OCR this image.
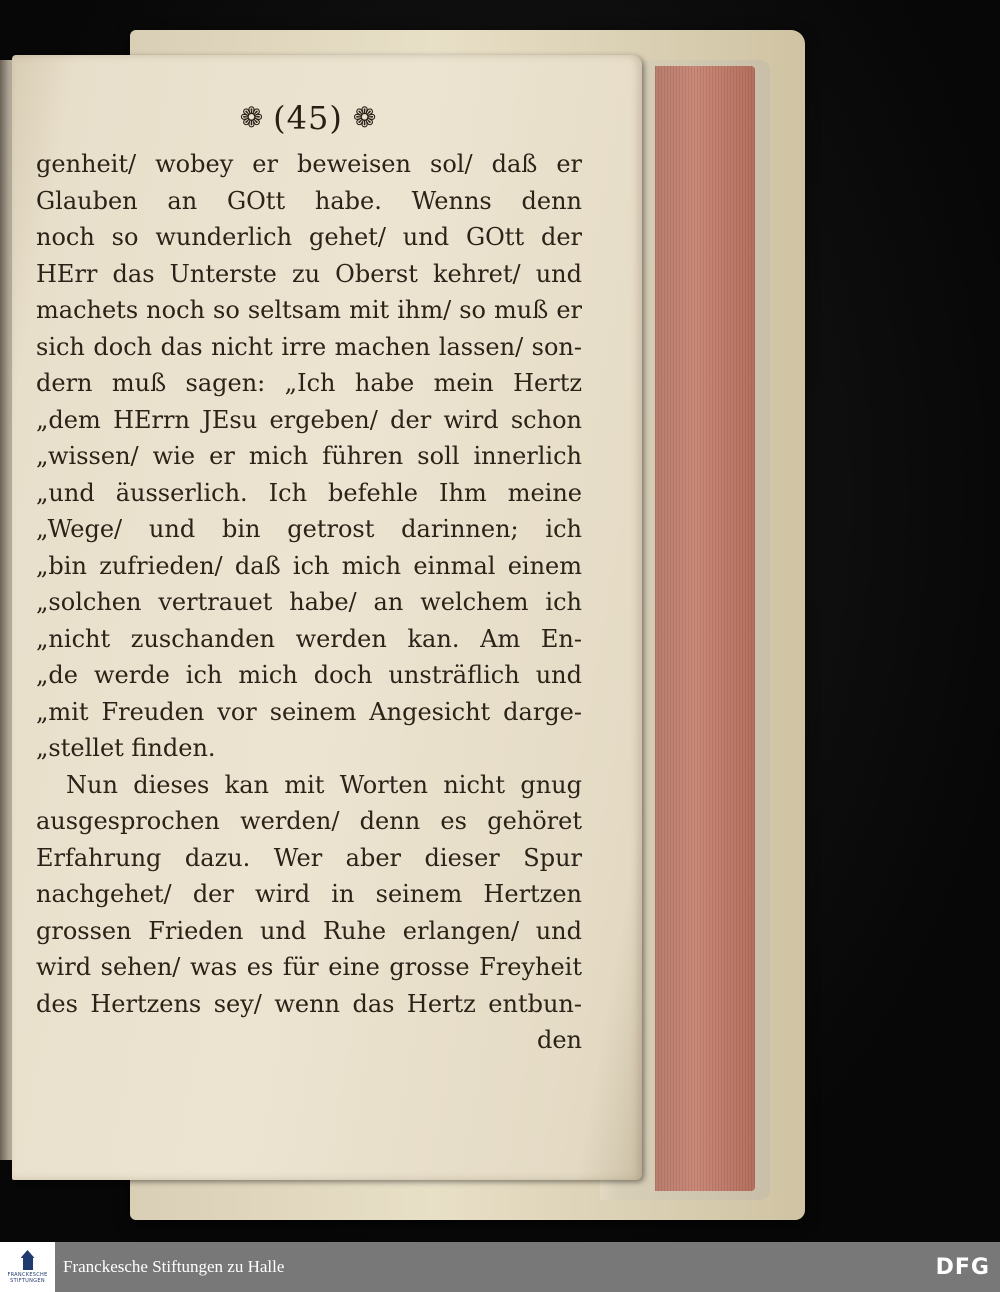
❁ (45) ❁
genheit/ wobey er beweisen sol/ daß er
Glauben an GOtt habe. Wenns denn
noch so wunderlich gehet/ und GOtt der
HErr das Unterste zu Oberst kehret/ und
machets noch so seltsam mit ihm/ so muß er
sich doch das nicht irre machen lassen/ son-
dern muß sagen: „Ich habe mein Hertz
„dem HErrn JEsu ergeben/ der wird schon
„wissen/ wie er mich führen soll innerlich
„und äusserlich. Ich befehle Ihm meine
„Wege/ und bin getrost darinnen; ich
„bin zufrieden/ daß ich mich einmal einem
„solchen vertrauet habe/ an welchem ich
„nicht zuschanden werden kan. Am En-
„de werde ich mich doch unsträflich und
„mit Freuden vor seinem Angesicht darge-
„stellet finden.
Nun dieses kan mit Worten nicht gnug
ausgesprochen werden/ denn es gehöret
Erfahrung dazu. Wer aber dieser Spur
nachgehet/ der wird in seinem Hertzen
grossen Frieden und Ruhe erlangen/ und
wird sehen/ was es für eine grosse Freyheit
des Hertzens sey/ wenn das Hertz entbun-
den
FRANCKESCHE
STIFTUNGEN
Franckesche Stiftungen zu Halle	DFG
